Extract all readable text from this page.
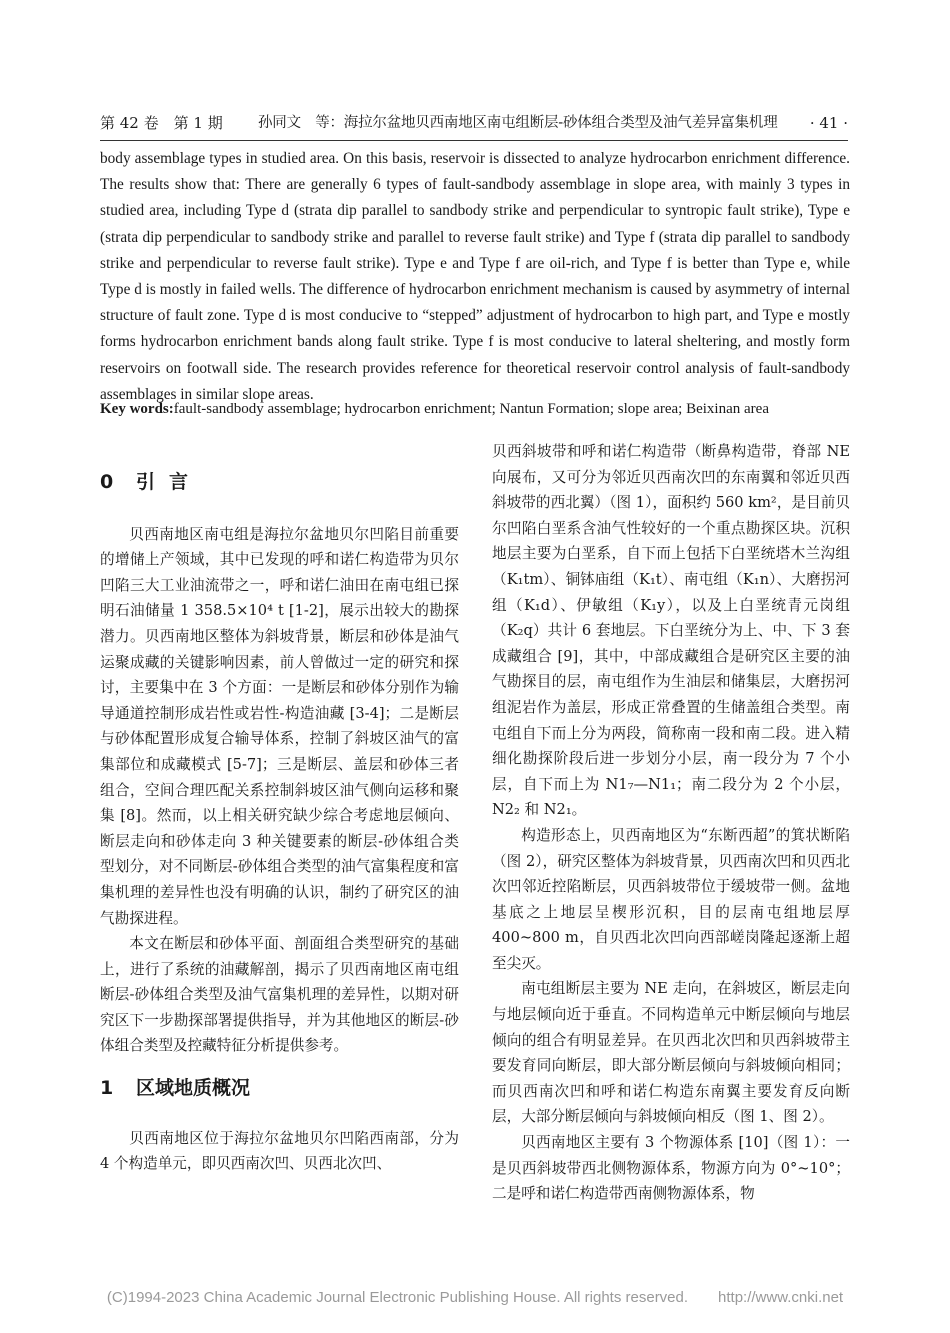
第 42 卷　第 1 期 孙同文　等：海拉尔盆地贝西南地区南屯组断层-砂体组合类型及油气差异富集机理 · 41 ·

body assemblage types in studied area. On this basis, reservoir is dissected to analyze hydrocarbon enrichment difference. The results show that: There are generally 6 types of fault-sandbody assemblage in slope area, with mainly 3 types in studied area, including Type d (strata dip parallel to sandbody strike and perpendicular to syntropic fault strike), Type e (strata dip perpendicular to sandbody strike and parallel to reverse fault strike) and Type f (strata dip parallel to sandbody strike and perpendicular to reverse fault strike). Type e and Type f are oil-rich, and Type f is better than Type e, while Type d is mostly in failed wells. The difference of hydrocarbon enrichment mechanism is caused by asymmetry of internal structure of fault zone. Type d is most conducive to “stepped” adjustment of hydrocarbon to high part, and Type e mostly forms hydrocarbon enrichment bands along fault strike. Type f is most conducive to lateral sheltering, and mostly form reservoirs on footwall side. The research provides reference for theoretical reservoir control analysis of fault-sandbody assemblages in similar slope areas.

Key words:fault-sandbody assemblage; hydrocarbon enrichment; Nantun Formation; slope area; Beixinan area

0 引言

贝西南地区南屯组是海拉尔盆地贝尔凹陷目前重要的增储上产领域，其中已发现的呼和诺仁构造带为贝尔凹陷三大工业油流带之一，呼和诺仁油田在南屯组已探明石油储量 1 358.5×10⁴ t [1-2]，展示出较大的勘探潜力。贝西南地区整体为斜坡背景，断层和砂体是油气运聚成藏的关键影响因素，前人曾做过一定的研究和探讨，主要集中在 3 个方面：一是断层和砂体分别作为输导通道控制形成岩性或岩性-构造油藏 [3-4]；二是断层与砂体配置形成复合输导体系，控制了斜坡区油气的富集部位和成藏模式 [5-7]；三是断层、盖层和砂体三者组合，空间合理匹配关系控制斜坡区油气侧向运移和聚集 [8]。然而，以上相关研究缺少综合考虑地层倾向、断层走向和砂体走向 3 种关键要素的断层-砂体组合类型划分，对不同断层-砂体组合类型的油气富集程度和富集机理的差异性也没有明确的认识，制约了研究区的油气勘探进程。

本文在断层和砂体平面、剖面组合类型研究的基础上，进行了系统的油藏解剖，揭示了贝西南地区南屯组断层-砂体组合类型及油气富集机理的差异性，以期对研究区下一步勘探部署提供指导，并为其他地区的断层-砂体组合类型及控藏特征分析提供参考。

1 区域地质概况

贝西南地区位于海拉尔盆地贝尔凹陷西南部，分为 4 个构造单元，即贝西南次凹、贝西北次凹、

贝西斜坡带和呼和诺仁构造带（断鼻构造带，脊部 NE 向展布，又可分为邻近贝西南次凹的东南翼和邻近贝西斜坡带的西北翼）（图 1），面积约 560 km²，是目前贝尔凹陷白垩系含油气性较好的一个重点勘探区块。沉积地层主要为白垩系，自下而上包括下白垩统塔木兰沟组（K₁tm）、铜钵庙组（K₁t）、南屯组（K₁n）、大磨拐河组（K₁d）、伊敏组（K₁y），以及上白垩统青元岗组（K₂q）共计 6 套地层。下白垩统分为上、中、下 3 套成藏组合 [9]，其中，中部成藏组合是研究区主要的油气勘探目的层，南屯组作为生油层和储集层，大磨拐河组泥岩作为盖层，形成正常叠置的生储盖组合类型。南屯组自下而上分为两段，简称南一段和南二段。进入精细化勘探阶段后进一步划分小层，南一段分为 7 个小层，自下而上为 N1₇—N1₁；南二段分为 2 个小层，N2₂ 和 N2₁。

构造形态上，贝西南地区为“东断西超”的箕状断陷（图 2），研究区整体为斜坡背景，贝西南次凹和贝西北次凹邻近控陷断层，贝西斜坡带位于缓坡带一侧。盆地基底之上地层呈楔形沉积，目的层南屯组地层厚 400~800 m，自贝西北次凹向西部嵯岗隆起逐渐上超至尖灭。

南屯组断层主要为 NE 走向，在斜坡区，断层走向与地层倾向近于垂直。不同构造单元中断层倾向与地层倾向的组合有明显差异。在贝西北次凹和贝西斜坡带主要发育同向断层，即大部分断层倾向与斜坡倾向相同；而贝西南次凹和呼和诺仁构造东南翼主要发育反向断层，大部分断层倾向与斜坡倾向相反（图 1、图 2）。

贝西南地区主要有 3 个物源体系 [10]（图 1）：一是贝西斜坡带西北侧物源体系，物源方向为 0°~10°；二是呼和诺仁构造带西南侧物源体系，物

(C)1994-2023 China Academic Journal Electronic Publishing House. All rights reserved.　　http://www.cnki.net
